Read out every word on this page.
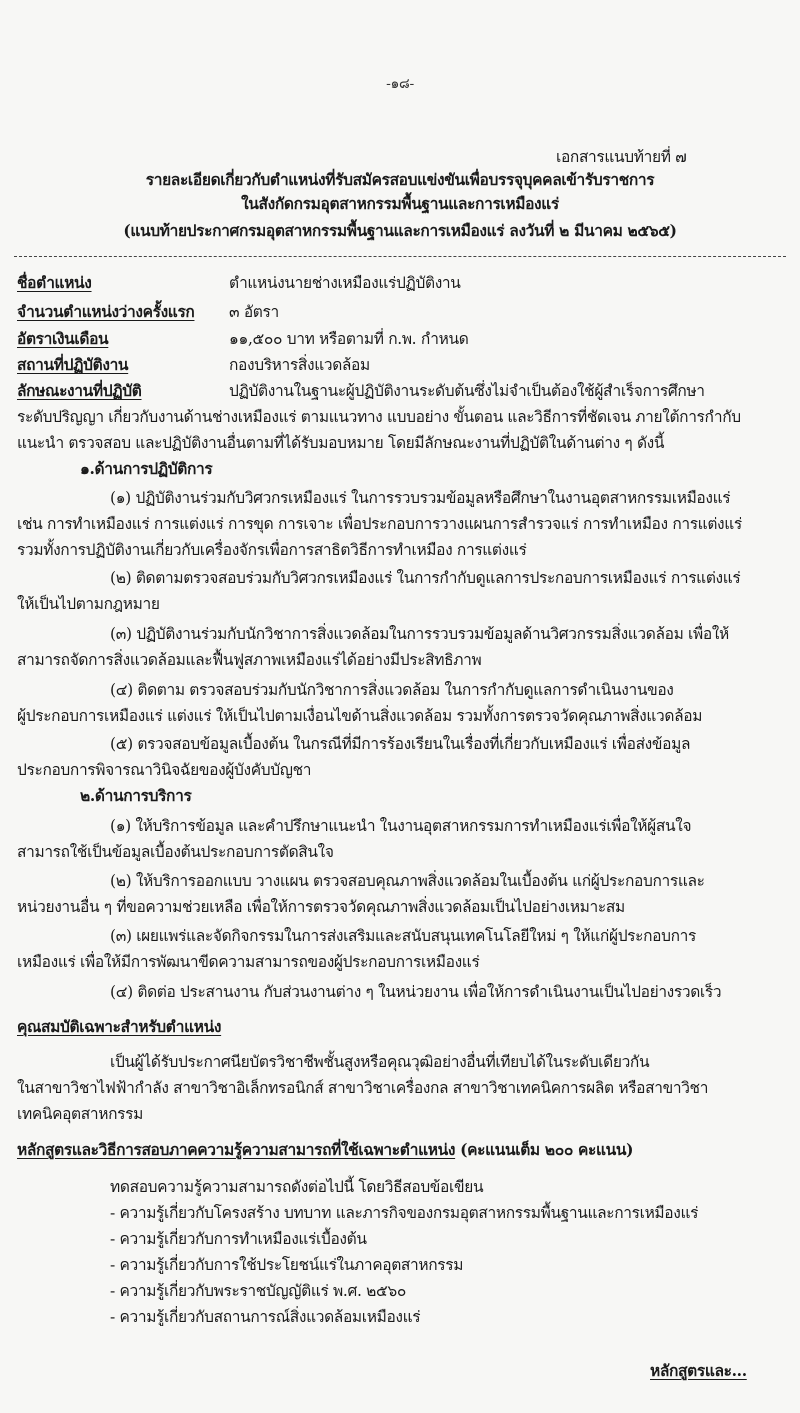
-๑๘-
เอกสารแนบท้ายที่ ๗
รายละเอียดเกี่ยวกับตำแหน่งที่รับสมัครสอบแข่งขันเพื่อบรรจุบุคคลเข้ารับราชการ
ในสังกัดกรมอุตสาหกรรมพื้นฐานและการเหมืองแร่
(แนบท้ายประกาศกรมอุตสาหกรรมพื้นฐานและการเหมืองแร่ ลงวันที่ ๒ มีนาคม ๒๕๖๕)
ชื่อตำแหน่ง	ตำแหน่งนายช่างเหมืองแร่ปฏิบัติงาน
จำนวนตำแหน่งว่างครั้งแรก ๓ อัตรา
อัตราเงินเดือน	๑๑,๕๐๐ บาท หรือตามที่ ก.พ. กำหนด
สถานที่ปฏิบัติงาน	กองบริหารสิ่งแวดล้อม
ลักษณะงานที่ปฏิบัติ	ปฏิบัติงานในฐานะผู้ปฏิบัติงานระดับต้นซึ่งไม่จำเป็นต้องใช้ผู้สำเร็จการศึกษา
ระดับปริญญา เกี่ยวกับงานด้านช่างเหมืองแร่ ตามแนวทาง แบบอย่าง ขั้นตอน และวิธีการที่ชัดเจน ภายใต้การกำกับ
แนะนำ ตรวจสอบ และปฏิบัติงานอื่นตามที่ได้รับมอบหมาย โดยมีลักษณะงานที่ปฏิบัติในด้านต่าง ๆ ดังนี้
๑.ด้านการปฏิบัติการ
(๑) ปฏิบัติงานร่วมกับวิศวกรเหมืองแร่ ในการรวบรวมข้อมูลหรือศึกษาในงานอุตสาหกรรมเหมืองแร่
เช่น การทำเหมืองแร่ การแต่งแร่ การขุด การเจาะ เพื่อประกอบการวางแผนการสำรวจแร่ การทำเหมือง การแต่งแร่
รวมทั้งการปฏิบัติงานเกี่ยวกับเครื่องจักรเพื่อการสาธิตวิธีการทำเหมือง การแต่งแร่
(๒) ติดตามตรวจสอบร่วมกับวิศวกรเหมืองแร่ ในการกำกับดูแลการประกอบการเหมืองแร่ การแต่งแร่
ให้เป็นไปตามกฎหมาย
(๓) ปฏิบัติงานร่วมกับนักวิชาการสิ่งแวดล้อมในการรวบรวมข้อมูลด้านวิศวกรรมสิ่งแวดล้อม เพื่อให้
สามารถจัดการสิ่งแวดล้อมและฟื้นฟูสภาพเหมืองแร่ได้อย่างมีประสิทธิภาพ
(๔) ติดตาม ตรวจสอบร่วมกับนักวิชาการสิ่งแวดล้อม ในการกำกับดูแลการดำเนินงานของ
ผู้ประกอบการเหมืองแร่ แต่งแร่ ให้เป็นไปตามเงื่อนไขด้านสิ่งแวดล้อม รวมทั้งการตรวจวัดคุณภาพสิ่งแวดล้อม
(๕) ตรวจสอบข้อมูลเบื้องต้น ในกรณีที่มีการร้องเรียนในเรื่องที่เกี่ยวกับเหมืองแร่ เพื่อส่งข้อมูล
ประกอบการพิจารณาวินิจฉัยของผู้บังคับบัญชา
๒.ด้านการบริการ
(๑) ให้บริการข้อมูล และคำปรึกษาแนะนำ ในงานอุตสาหกรรมการทำเหมืองแร่เพื่อให้ผู้สนใจ
สามารถใช้เป็นข้อมูลเบื้องต้นประกอบการตัดสินใจ
(๒) ให้บริการออกแบบ วางแผน ตรวจสอบคุณภาพสิ่งแวดล้อมในเบื้องต้น แก่ผู้ประกอบการและ
หน่วยงานอื่น ๆ ที่ขอความช่วยเหลือ เพื่อให้การตรวจวัดคุณภาพสิ่งแวดล้อมเป็นไปอย่างเหมาะสม
(๓) เผยแพร่และจัดกิจกรรมในการส่งเสริมและสนับสนุนเทคโนโลยีใหม่ ๆ ให้แก่ผู้ประกอบการ
เหมืองแร่ เพื่อให้มีการพัฒนาขีดความสามารถของผู้ประกอบการเหมืองแร่
(๔) ติดต่อ ประสานงาน กับส่วนงานต่าง ๆ ในหน่วยงาน เพื่อให้การดำเนินงานเป็นไปอย่างรวดเร็ว
คุณสมบัติเฉพาะสำหรับตำแหน่ง
เป็นผู้ได้รับประกาศนียบัตรวิชาชีพชั้นสูงหรือคุณวุฒิอย่างอื่นที่เทียบได้ในระดับเดียวกัน
ในสาขาวิชาไฟฟ้ากำลัง สาขาวิชาอิเล็กทรอนิกส์ สาขาวิชาเครื่องกล สาขาวิชาเทคนิคการผลิต หรือสาขาวิชา
เทคนิคอุตสาหกรรม
หลักสูตรและวิธีการสอบภาคความรู้ความสามารถที่ใช้เฉพาะตำแหน่ง (คะแนนเต็ม ๒๐๐ คะแนน)
ทดสอบความรู้ความสามารถดังต่อไปนี้ โดยวิธีสอบข้อเขียน
- ความรู้เกี่ยวกับโครงสร้าง บทบาท และภารกิจของกรมอุตสาหกรรมพื้นฐานและการเหมืองแร่
- ความรู้เกี่ยวกับการทำเหมืองแร่เบื้องต้น
- ความรู้เกี่ยวกับการใช้ประโยชน์แร่ในภาคอุตสาหกรรม
- ความรู้เกี่ยวกับพระราชบัญญัติแร่ พ.ศ. ๒๕๖๐
- ความรู้เกี่ยวกับสถานการณ์สิ่งแวดล้อมเหมืองแร่
หลักสูตรและ...
